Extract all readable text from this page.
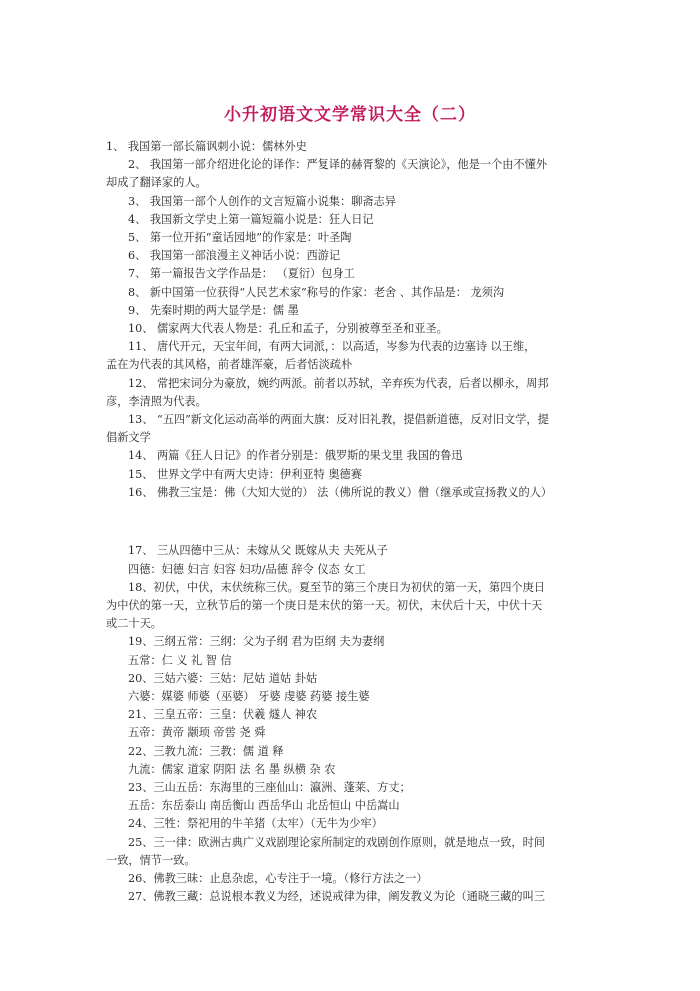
小升初语文文学常识大全（二）

1、 我国第一部长篇讽刺小说：儒林外史

2、 我国第一部介绍进化论的译作：严复译的赫胥黎的《天演论》，他是一个由不懂外

却成了翻译家的人。

3、 我国第一部个人创作的文言短篇小说集：聊斋志异

4、 我国新文学史上第一篇短篇小说是：狂人日记

5、 第一位开拓“童话园地”的作家是：叶圣陶

6、 我国第一部浪漫主义神话小说：西游记

7、 第一篇报告文学作品是： （夏衍）包身工

8、 新中国第一位获得“人民艺术家”称号的作家：老舍 、其作品是： 龙须沟

9、 先秦时期的两大显学是：儒 墨

10、 儒家两大代表人物是：孔丘和孟子，分别被尊至圣和亚圣。

11、 唐代开元，天宝年间，有两大词派，：以高适，岑参为代表的边塞诗 以王维，

孟在为代表的其风格，前者雄浑豪，后者恬淡疏朴

12、 常把宋词分为豪放，婉约两派。前者以苏轼，辛弃疾为代表，后者以柳永，周邦

彦，李清照为代表。

13、 “五四”新文化运动高举的两面大旗：反对旧礼教，提倡新道德，反对旧文学，提

倡新文学

14、 两篇《狂人日记》的作者分别是：俄罗斯的果戈里 我国的鲁迅

15、 世界文学中有两大史诗：伊利亚特 奥德赛

16、 佛教三宝是：佛（大知大觉的） 法（佛所说的教义）僧（继承或宣扬教义的人）

17、 三从四德中三从：未嫁从父 既嫁从夫 夫死从子

四德：妇德 妇言 妇容 妇功/品德 辞令 仪态 女工

18、初伏，中伏，末伏统称三伏。夏至节的第三个庚日为初伏的第一天，第四个庚日

为中伏的第一天，立秋节后的第一个庚日是末伏的第一天。初伏，末伏后十天，中伏十天

或二十天。

19、三纲五常：三纲：父为子纲 君为臣纲 夫为妻纲

五常：仁 义 礼 智 信

20、三姑六婆：三姑：尼姑 道姑 卦姑

六婆：媒婆 师婆（巫婆） 牙婆 虔婆 药婆 接生婆

21、三皇五帝：三皇：伏羲 燧人 神农

五帝：黄帝 颛顼 帝喾 尧 舜

22、三教九流：三教：儒 道 释

九流：儒家 道家 阴阳 法 名 墨 纵横 杂 农

23、三山五岳：东海里的三座仙山：瀛洲、蓬莱、方丈；

五岳：东岳泰山 南岳衡山 西岳华山 北岳恒山 中岳嵩山

24、三牲：祭祀用的牛羊猪（太牢）（无牛为少牢）

25、三一律：欧洲古典广义戏剧理论家所制定的戏剧创作原则，就是地点一致，时间

一致，情节一致。

26、佛教三昧：止息杂虑，心专注于一境。（修行方法之一）

27、佛教三藏：总说根本教义为经，述说戒律为律，阐发教义为论（通晓三藏的叫三
